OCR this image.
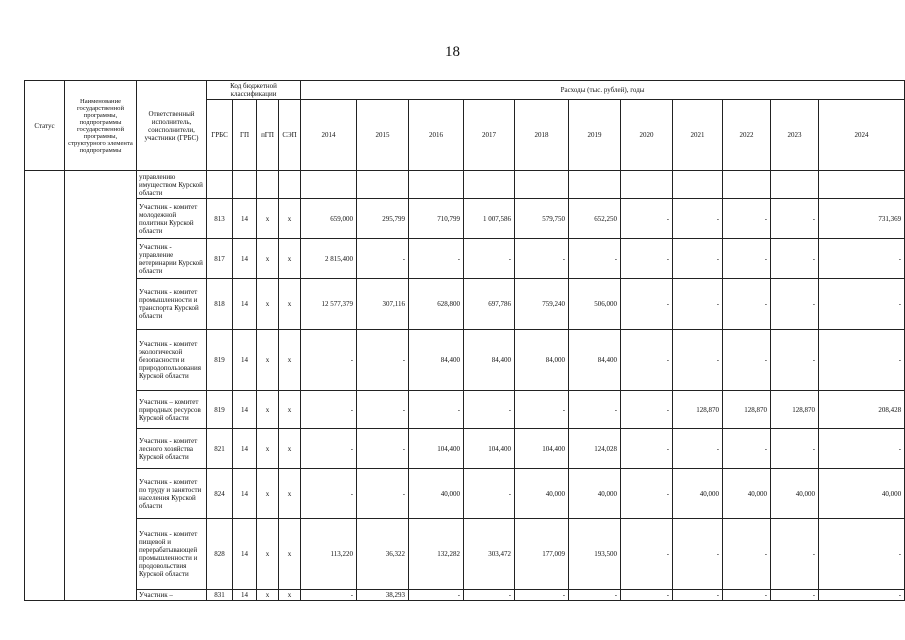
18
Статус	Наименование государственной программы, подпрограммы государственной программы, структурного элемента подпрограммы	Ответственный исполнитель, соисполнители, участники (ГРБС)	Код бюджетной классификации				Расходы (тыс. рублей), годы										
			ГРБС	ГП	пГП	СЭП	2014	2015	2016	2017	2018	2019	2020	2021	2022	2023	2024
		управлению имуществом Курской области															
		Участник - комитет молодежной политики Курской области	813	14	х	х	659,000	295,799	710,799	1 007,586	579,750	652,250	-	-	-	-	731,369
		Участник - управление ветеринарии Курской области	817	14	х	х	2 815,400	-	-	-	-	-	-	-	-	-	-
		Участник - комитет промышленности и транспорта Курской области	818	14	х	х	12 577,379	307,116	628,800	697,786	759,240	506,000	-	-	-	-	-
		Участник - комитет экологической безопасности и природопользования Курской области	819	14	х	х	-	-	84,400	84,400	84,000	84,400	-	-	-	-	-
		Участник – комитет природных ресурсов Курской области	819	14	х	х	-	-	-	-	-	-	-	128,870	128,870	128,870	208,428
		Участник - комитет лесного хозяйства Курской области	821	14	х	х	-	-	104,400	104,400	104,400	124,028	-	-	-	-	-
		Участник - комитет по труду и занятости населения Курской области	824	14	х	х	-	-	40,000	-	40,000	40,000	-	40,000	40,000	40,000	40,000
		Участник - комитет пищевой и перерабатывающей промышленности и продовольствия Курской области	828	14	х	х	113,220	36,322	132,282	303,472	177,009	193,500	-	-	-	-	-
		Участник –	831	14	х	х	-	38,293	-	-	-	-	-	-	-	-	-
